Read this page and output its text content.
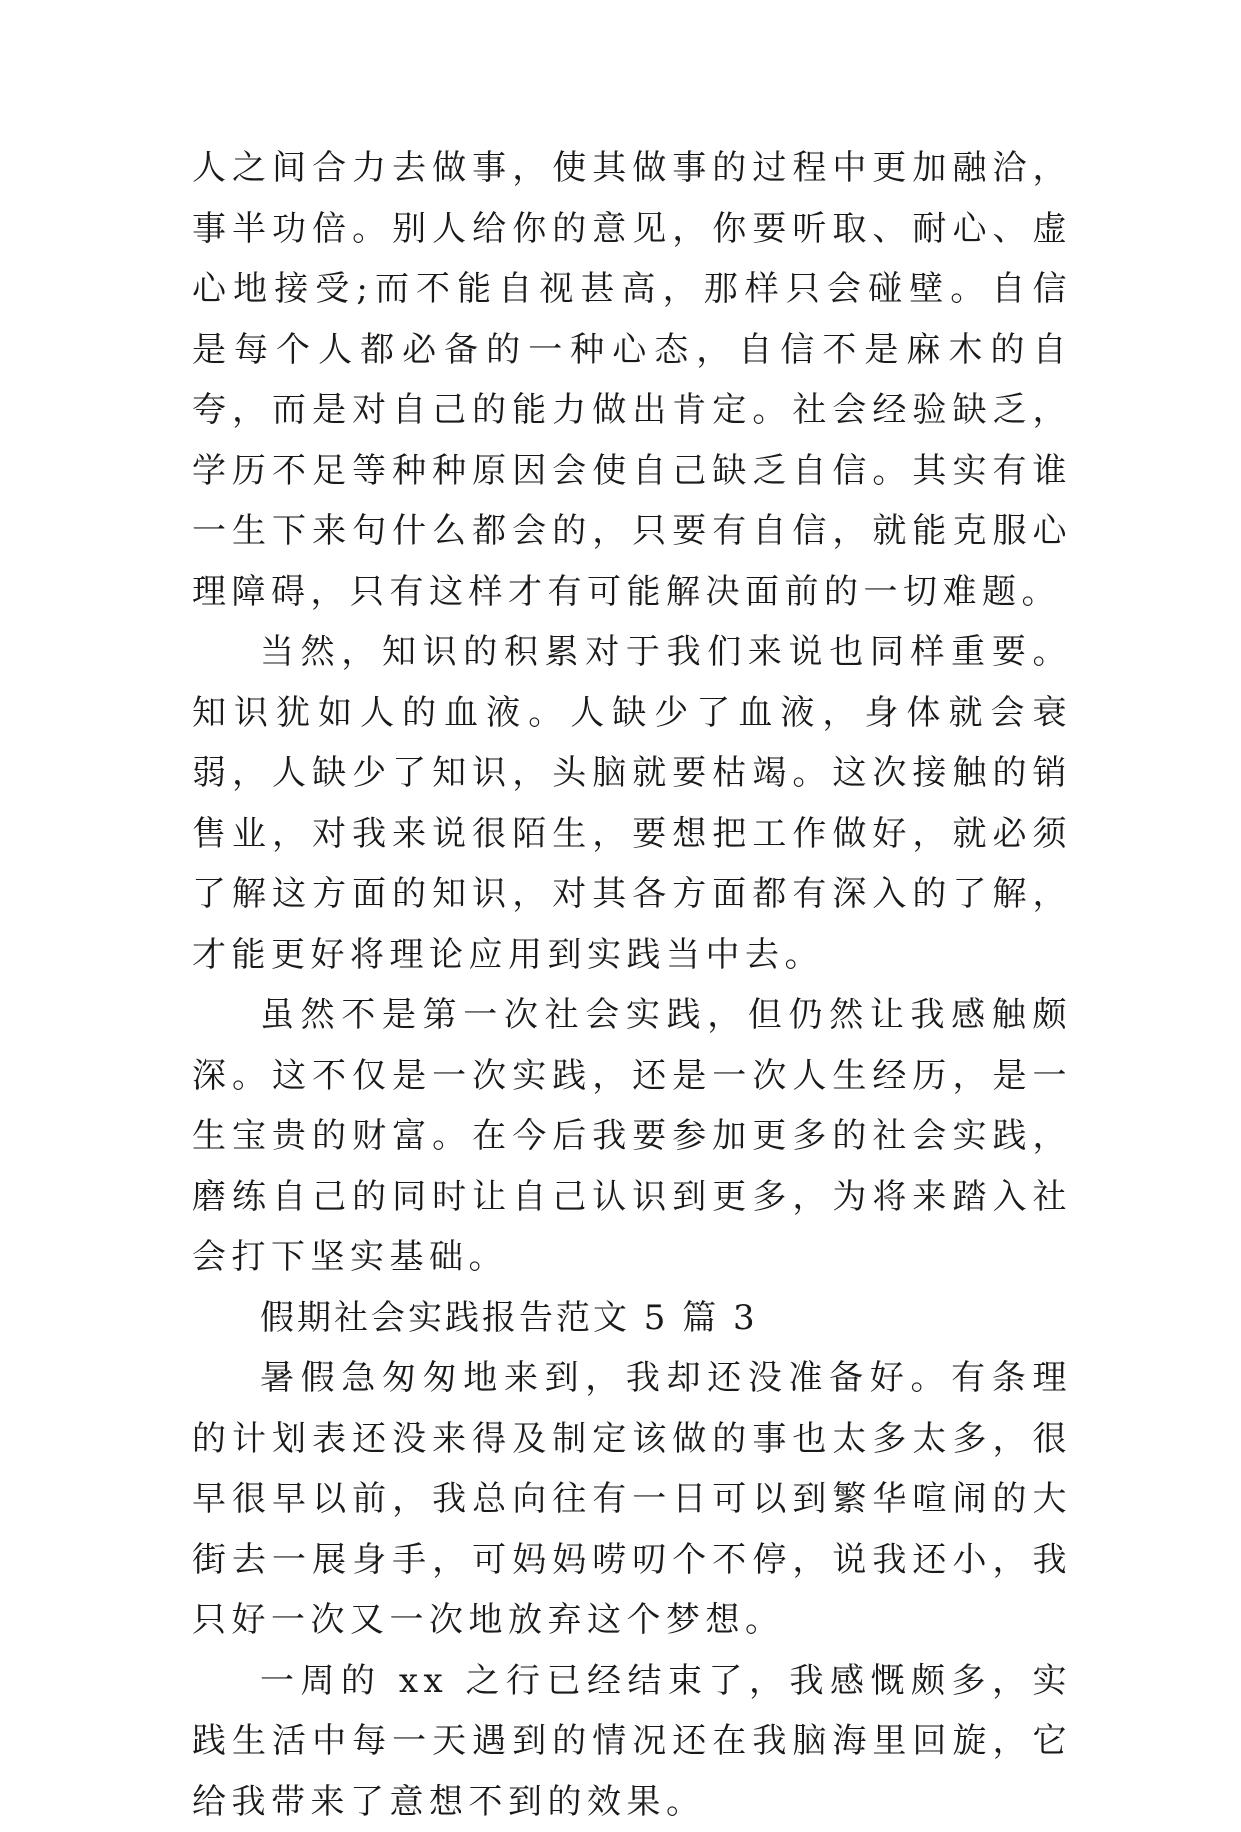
人之间合力去做事，使其做事的过程中更加融洽，事半功倍。别人给你的意见，你要听取、耐心、虚心地接受;而不能自视甚高，那样只会碰壁。自信是每个人都必备的一种心态，自信不是麻木的自夸，而是对自己的能力做出肯定。社会经验缺乏，学历不足等种种原因会使自己缺乏自信。其实有谁一生下来句什么都会的，只要有自信，就能克服心理障碍，只有这样才有可能解决面前的一切难题。

当然，知识的积累对于我们来说也同样重要。知识犹如人的血液。人缺少了血液，身体就会衰弱，人缺少了知识，头脑就要枯竭。这次接触的销售业，对我来说很陌生，要想把工作做好，就必须了解这方面的知识，对其各方面都有深入的了解，才能更好将理论应用到实践当中去。

虽然不是第一次社会实践，但仍然让我感触颇深。这不仅是一次实践，还是一次人生经历，是一生宝贵的财富。在今后我要参加更多的社会实践，磨练自己的同时让自己认识到更多，为将来踏入社会打下坚实基础。

假期社会实践报告范文 5 篇 3

暑假急匆匆地来到，我却还没准备好。有条理的计划表还没来得及制定该做的事也太多太多，很早很早以前，我总向往有一日可以到繁华喧闹的大街去一展身手，可妈妈唠叨个不停，说我还小，我只好一次又一次地放弃这个梦想。

一周的 xx 之行已经结束了，我感慨颇多，实践生活中每一天遇到的情况还在我脑海里回旋，它给我带来了意想不到的效果。
